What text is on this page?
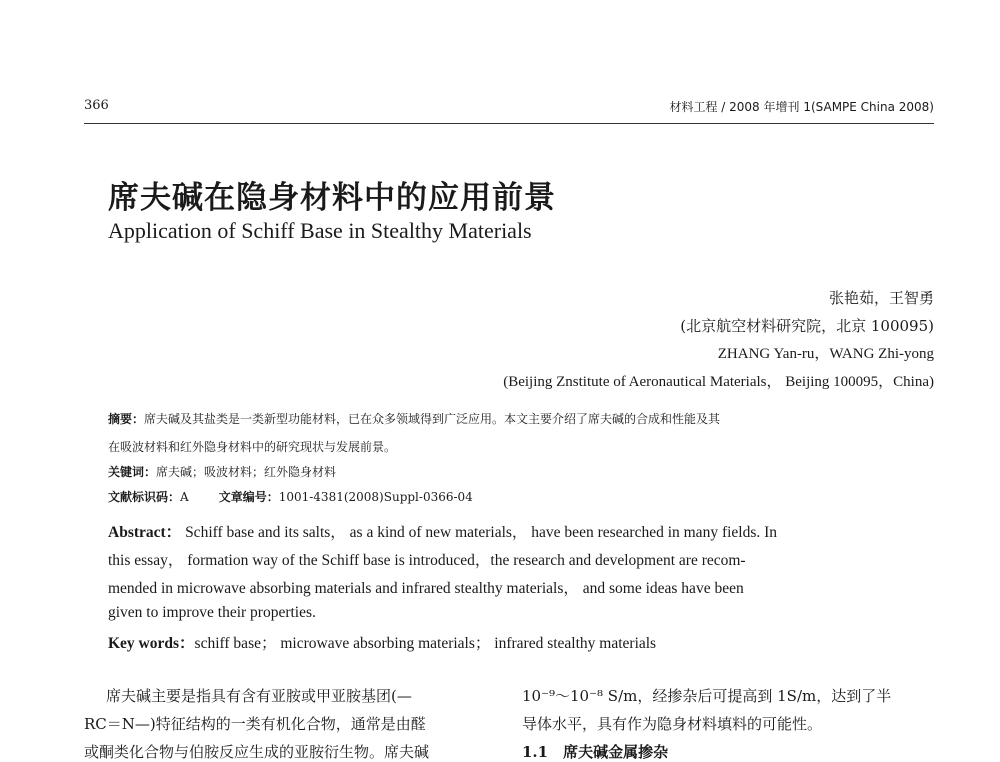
366	材料工程 / 2008 年增刊 1(SAMPE China 2008)
席夫碱在隐身材料中的应用前景
Application of Schiff Base in Stealthy Materials
张艳茹，王智勇
(北京航空材料研究院，北京 100095)
ZHANG Yan-ru，WANG Zhi-yong
(Beijing Znstitute of Aeronautical Materials， Beijing 100095，China)
摘要：席夫碱及其盐类是一类新型功能材料，已在众多领域得到广泛应用。本文主要介绍了席夫碱的合成和性能及其
在吸波材料和红外隐身材料中的研究现状与发展前景。
关键词：席夫碱；吸波材料；红外隐身材料
文献标识码：A	文章编号：1001-4381(2008)Suppl-0366-04
Abstract： Schiff base and its salts， as a kind of new materials， have been researched in many fields. In
this essay， formation way of the Schiff base is introduced，the research and development are recom-
mended in microwave absorbing materials and infrared stealthy materials， and some ideas have been
given to improve their properties.
Key words：schiff base； microwave absorbing materials； infrared stealthy materials
席夫碱主要是指具有含有亚胺或甲亚胺基团(—
RC＝N—)特征结构的一类有机化合物，通常是由醛
或酮类化合物与伯胺反应生成的亚胺衍生物。席夫碱
10⁻⁹～10⁻⁸ S/m，经掺杂后可提高到 1S/m，达到了半
导体水平，具有作为隐身材料填料的可能性。
1.1　席夫碱金属掺杂
